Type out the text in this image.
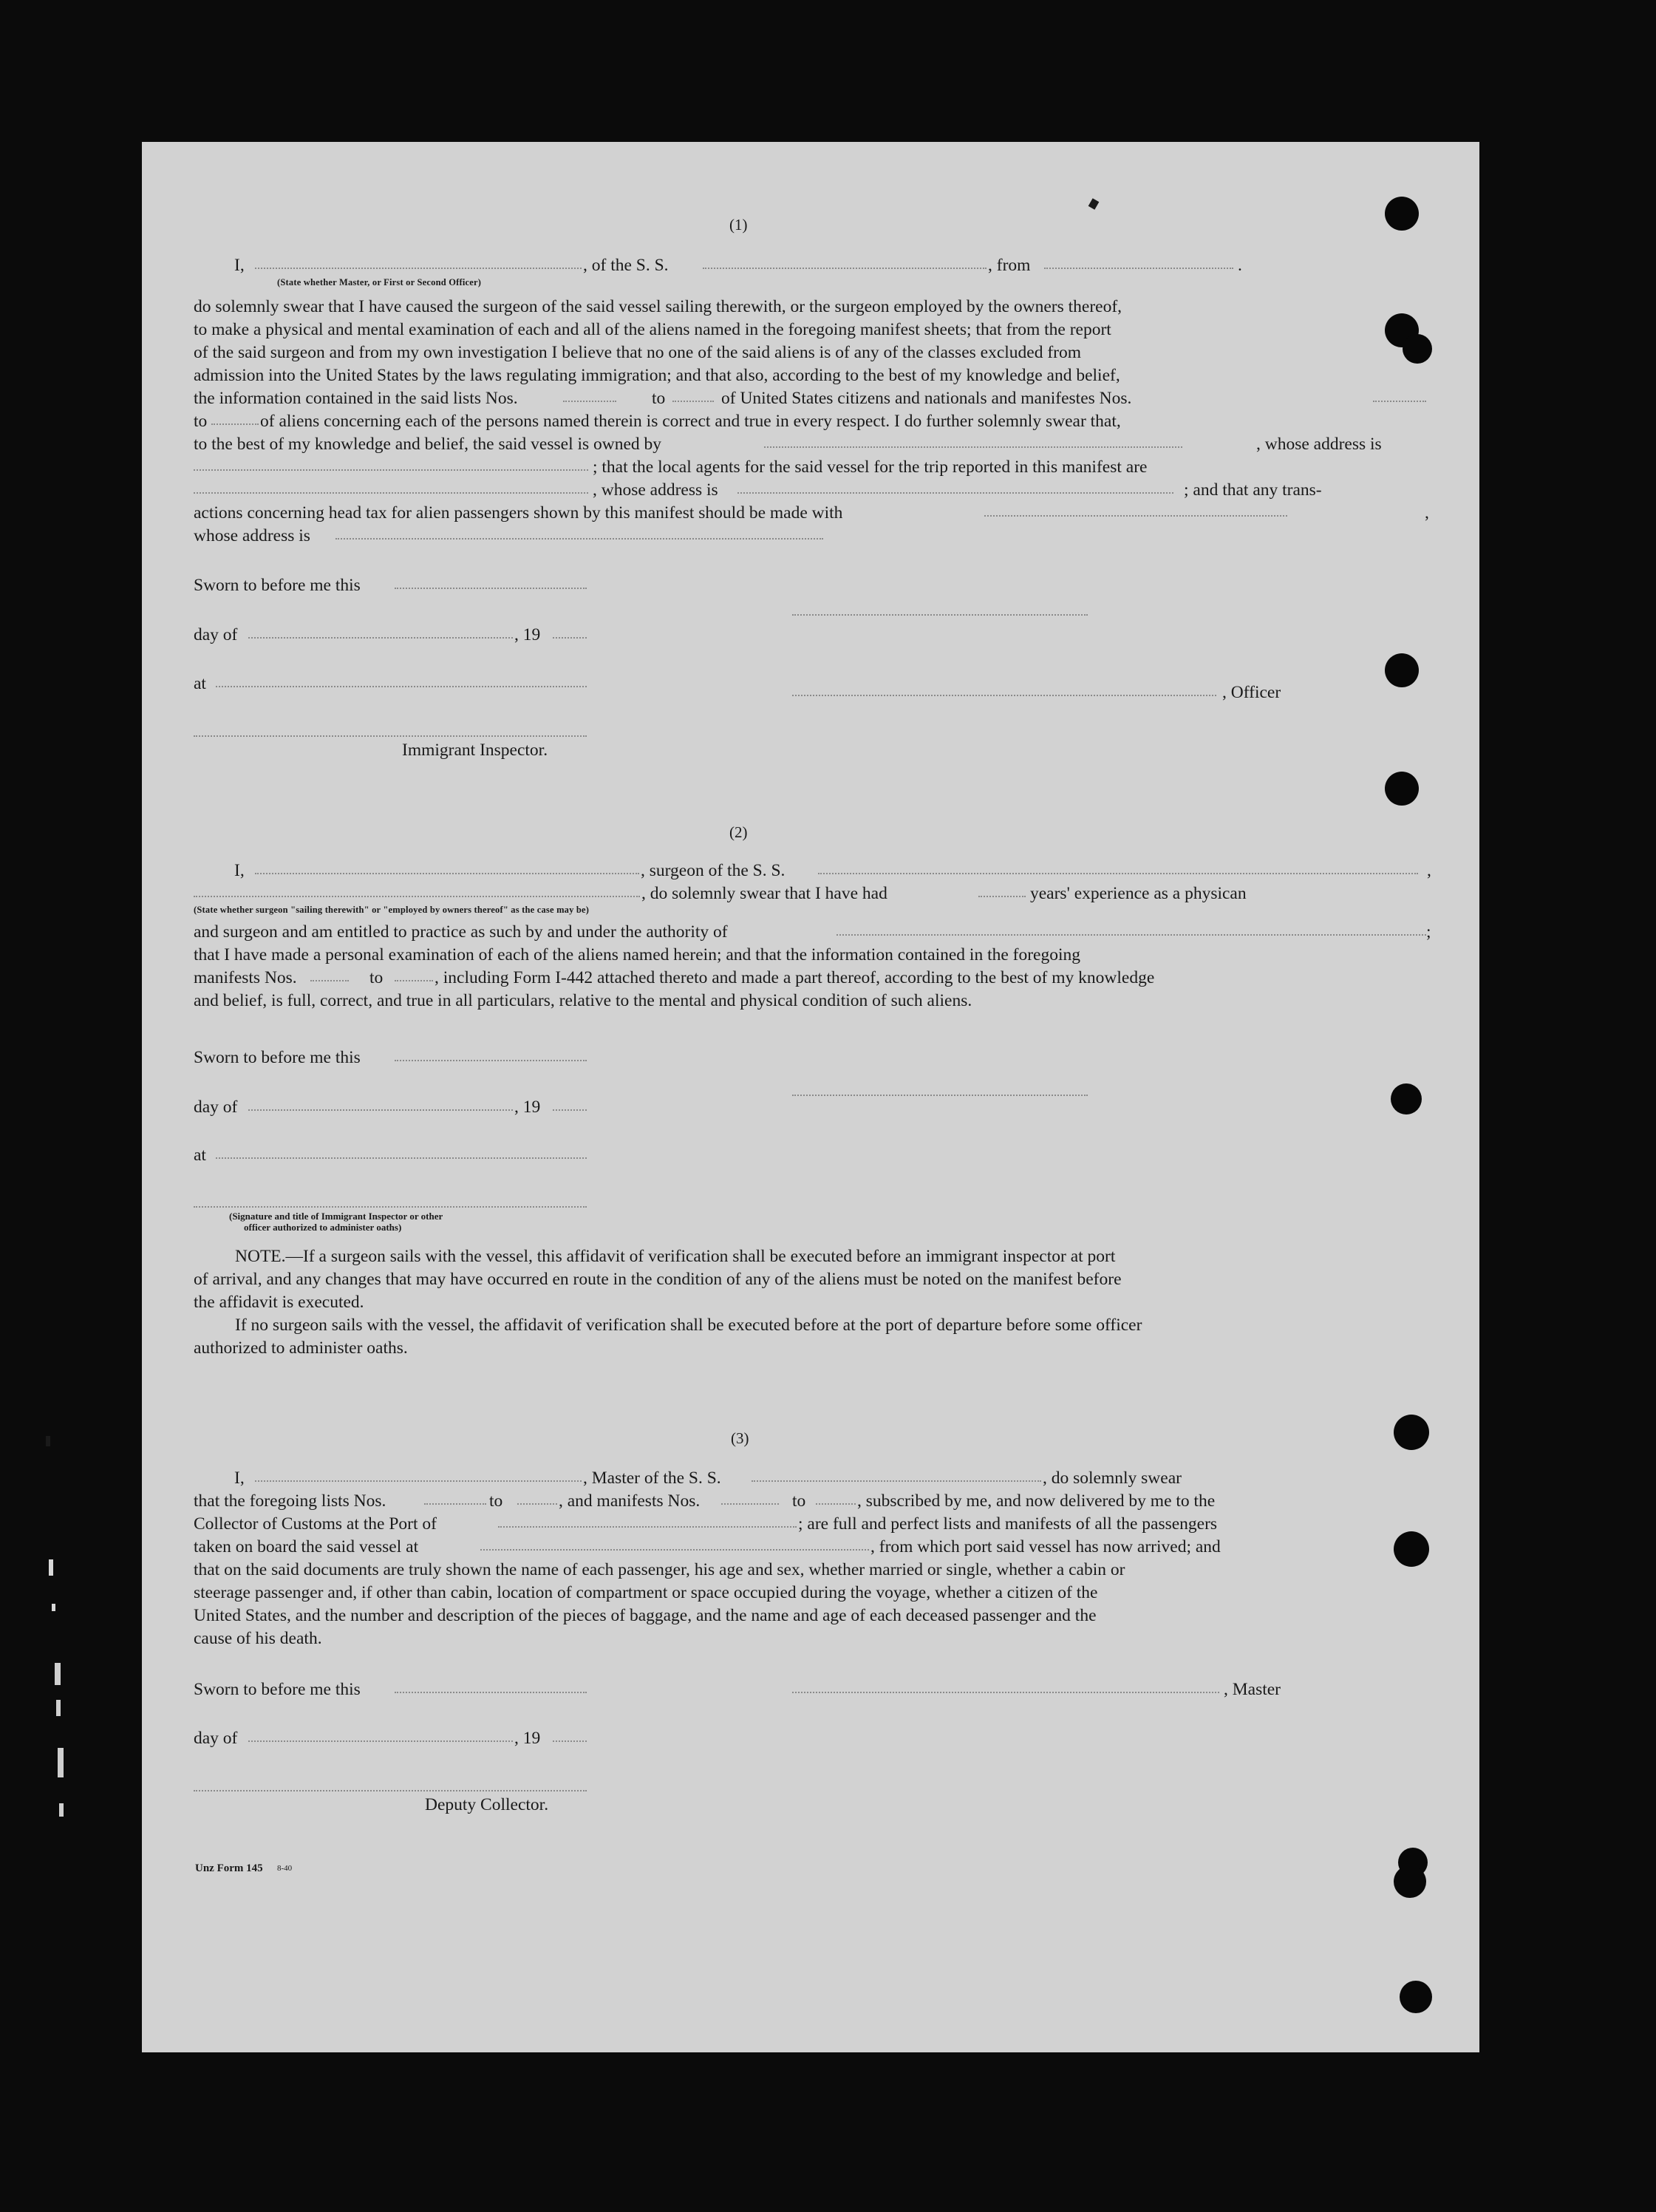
(1)
I,	, of the S. S.	, from	.
(State whether Master, or First or Second Officer)
do solemnly swear that I have caused the surgeon of the said vessel sailing therewith, or the surgeon employed by the owners thereof,
to make a physical and mental examination of each and all of the aliens named in the foregoing manifest sheets; that from the report
of the said surgeon and from my own investigation I believe that no one of the said aliens is of any of the classes excluded from
admission into the United States by the laws regulating immigration; and that also, according to the best of my knowledge and belief,
the information contained in the said lists Nos.	to	of United States citizens and nationals and manifestes Nos.
to	of aliens concerning each of the persons named therein is correct and true in every respect. I do further solemnly swear that,
to the best of my knowledge and belief, the said vessel is owned by	, whose address is
; that the local agents for the said vessel for the trip reported in this manifest are
, whose address is	; and that any trans-
actions concerning head tax for alien passengers shown by this manifest should be made with	,
whose address is
Sworn to before me this
day of	, 19
at
Immigrant Inspector.
, Officer
(2)
I,	, surgeon of the S. S.	,
, do solemnly swear that I have had	years' experience as a physican
(State whether surgeon "sailing therewith" or "employed by owners thereof" as the case may be)
and surgeon and am entitled to practice as such by and under the authority of	;
that I have made a personal examination of each of the aliens named herein; and that the information contained in the foregoing
manifests Nos.	to	, including Form I-442 attached thereto and made a part thereof, according to the best of my knowledge
and belief, is full, correct, and true in all particulars, relative to the mental and physical condition of such aliens.
Sworn to before me this
day of	, 19
at
(Signature and title of Immigrant Inspector or other
officer authorized to administer oaths)
NOTE.—If a surgeon sails with the vessel, this affidavit of verification shall be executed before an immigrant inspector at port
of arrival, and any changes that may have occurred en route in the condition of any of the aliens must be noted on the manifest before
the affidavit is executed.
If no surgeon sails with the vessel, the affidavit of verification shall be executed before at the port of departure before some officer
authorized to administer oaths.
(3)
I,	, Master of the S. S.	, do solemnly swear
that the foregoing lists Nos.	to	, and manifests Nos.	to	, subscribed by me, and now delivered by me to the
Collector of Customs at the Port of	; are full and perfect lists and manifests of all the passengers
taken on board the said vessel at	, from which port said vessel has now arrived; and
that on the said documents are truly shown the name of each passenger, his age and sex, whether married or single, whether a cabin or
steerage passenger and, if other than cabin, location of compartment or space occupied during the voyage, whether a citizen of the
United States, and the number and description of the pieces of baggage, and the name and age of each deceased passenger and the
cause of his death.
Sworn to before me this	, Master
day of	, 19
Deputy Collector.
Unz Form 145 8-40
